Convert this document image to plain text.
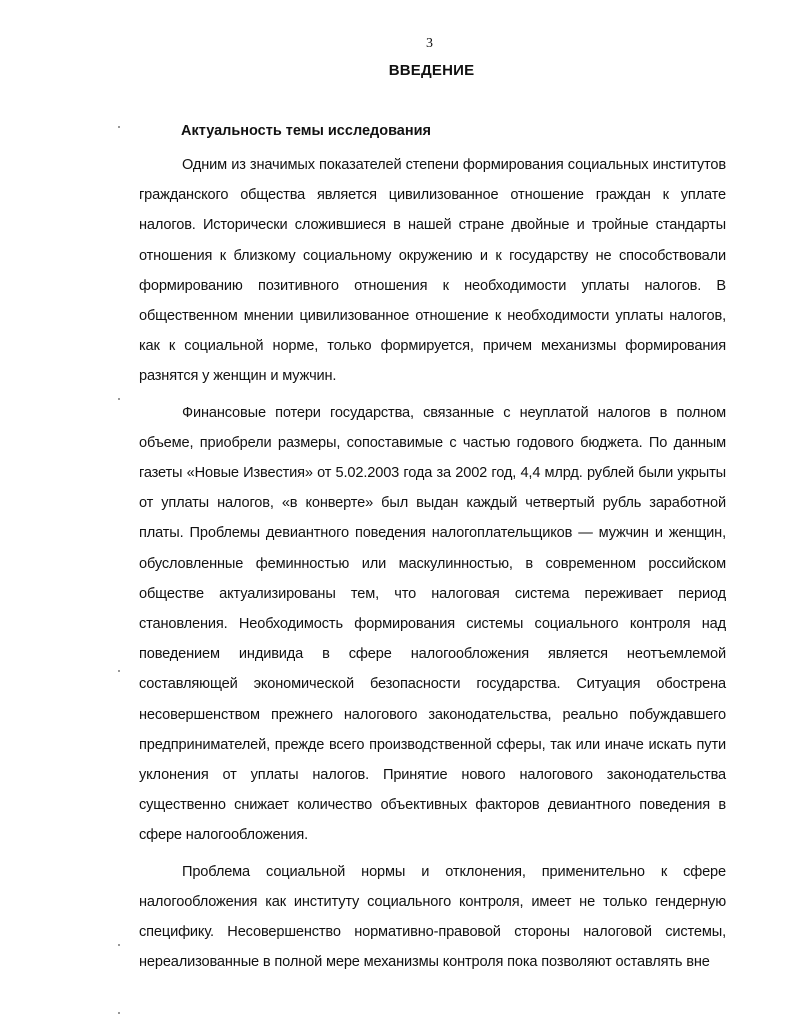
3
ВВЕДЕНИЕ
Актуальность темы исследования

Одним из значимых показателей степени формирования социальных институтов гражданского общества является цивилизованное отношение граждан к уплате налогов. Исторически сложившиеся в нашей стране двойные и тройные стандарты отношения к близкому социальному окружению и к государству не способствовали формированию позитивного отношения к необходимости уплаты налогов. В общественном мнении цивилизованное отношение к необходимости уплаты налогов, как к социальной норме, только формируется, причем механизмы формирования разнятся у женщин и мужчин.

Финансовые потери государства, связанные с неуплатой налогов в полном объеме, приобрели размеры, сопоставимые с частью годового бюджета. По данным газеты «Новые Известия» от 5.02.2003 года за 2002 год, 4,4 млрд. рублей были укрыты от уплаты налогов, «в конверте» был выдан каждый четвертый рубль заработной платы. Проблемы девиантного поведения налогоплательщиков — мужчин и женщин, обусловленные феминностью или маскулинностью, в современном российском обществе актуализированы тем, что налоговая система переживает период становления. Необходимость формирования системы социального контроля над поведением индивида в сфере налогообложения является неотъемлемой составляющей экономической безопасности государства. Ситуация обострена несовершенством прежнего налогового законодательства, реально побуждавшего предпринимателей, прежде всего производственной сферы, так или иначе искать пути уклонения от уплаты налогов. Принятие нового налогового законодательства существенно снижает количество объективных факторов девиантного поведения в сфере налогообложения.

Проблема социальной нормы и отклонения, применительно к сфере налогообложения как институту социального контроля, имеет не только гендерную специфику. Несовершенство нормативно-правовой стороны налоговой системы, нереализованные в полной мере механизмы контроля пока позволяют оставлять вне
